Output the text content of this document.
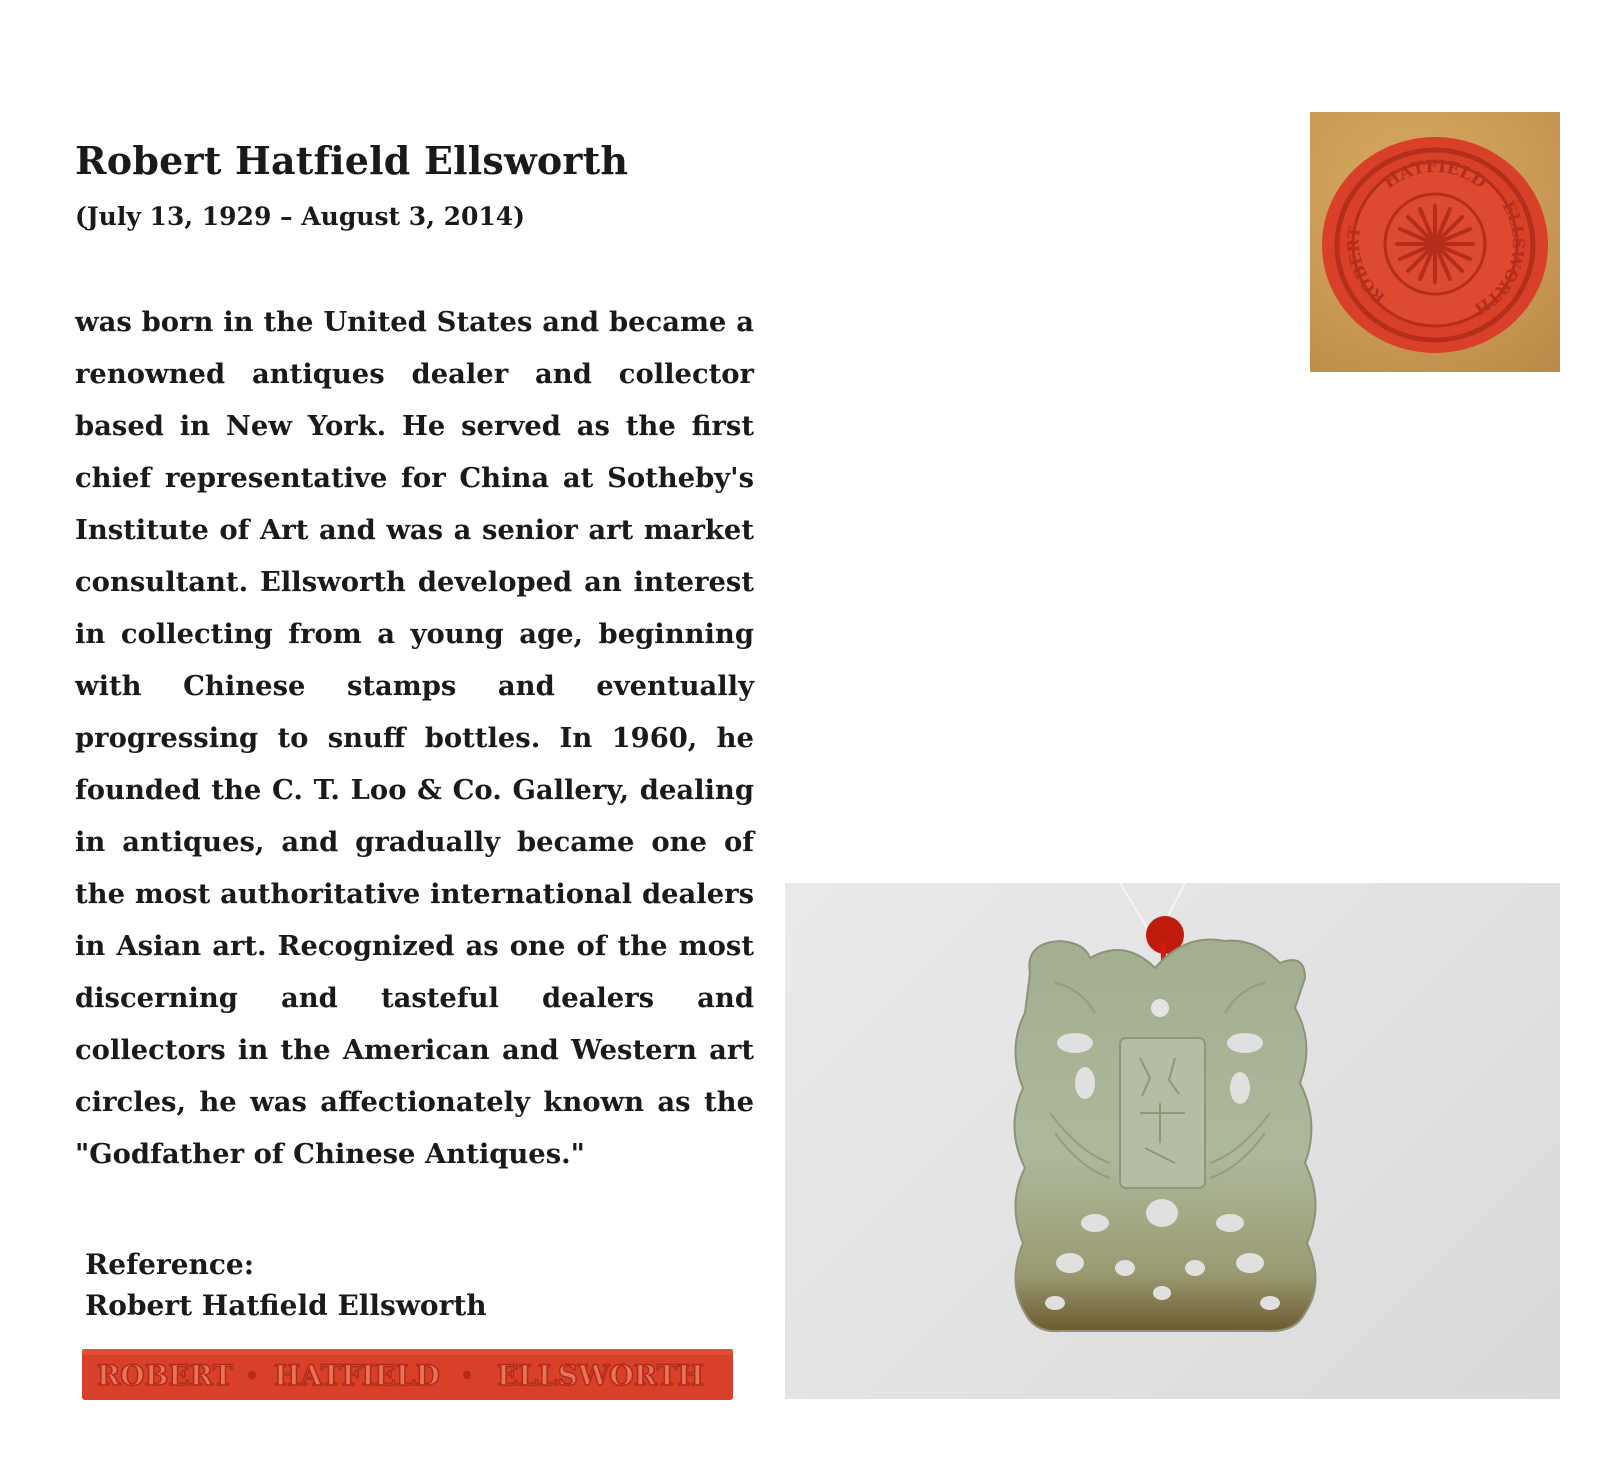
Robert Hatfield Ellsworth

(July 13, 1929 – August 3, 2014)

was born in the United States and became a renowned antiques dealer and collector based in New York. He served as the first chief representative for China at Sotheby's Institute of Art and was a senior art market consultant. Ellsworth developed an interest in collecting from a young age, beginning with Chinese stamps and eventually progressing to snuff bottles. In 1960, he founded the C. T. Loo & Co. Gallery, dealing in antiques, and gradually became one of the most authoritative international dealers in Asian art. Recognized as one of the most discerning and tasteful dealers and collectors in the American and Western art circles, he was affectionately known as the "Godfather of Chinese Antiques."

Reference:
Robert Hatfield Ellsworth
HATFIELD
ROBERT
ELLSWORTH
ROBERT HATFIELD ELLSWORTH
